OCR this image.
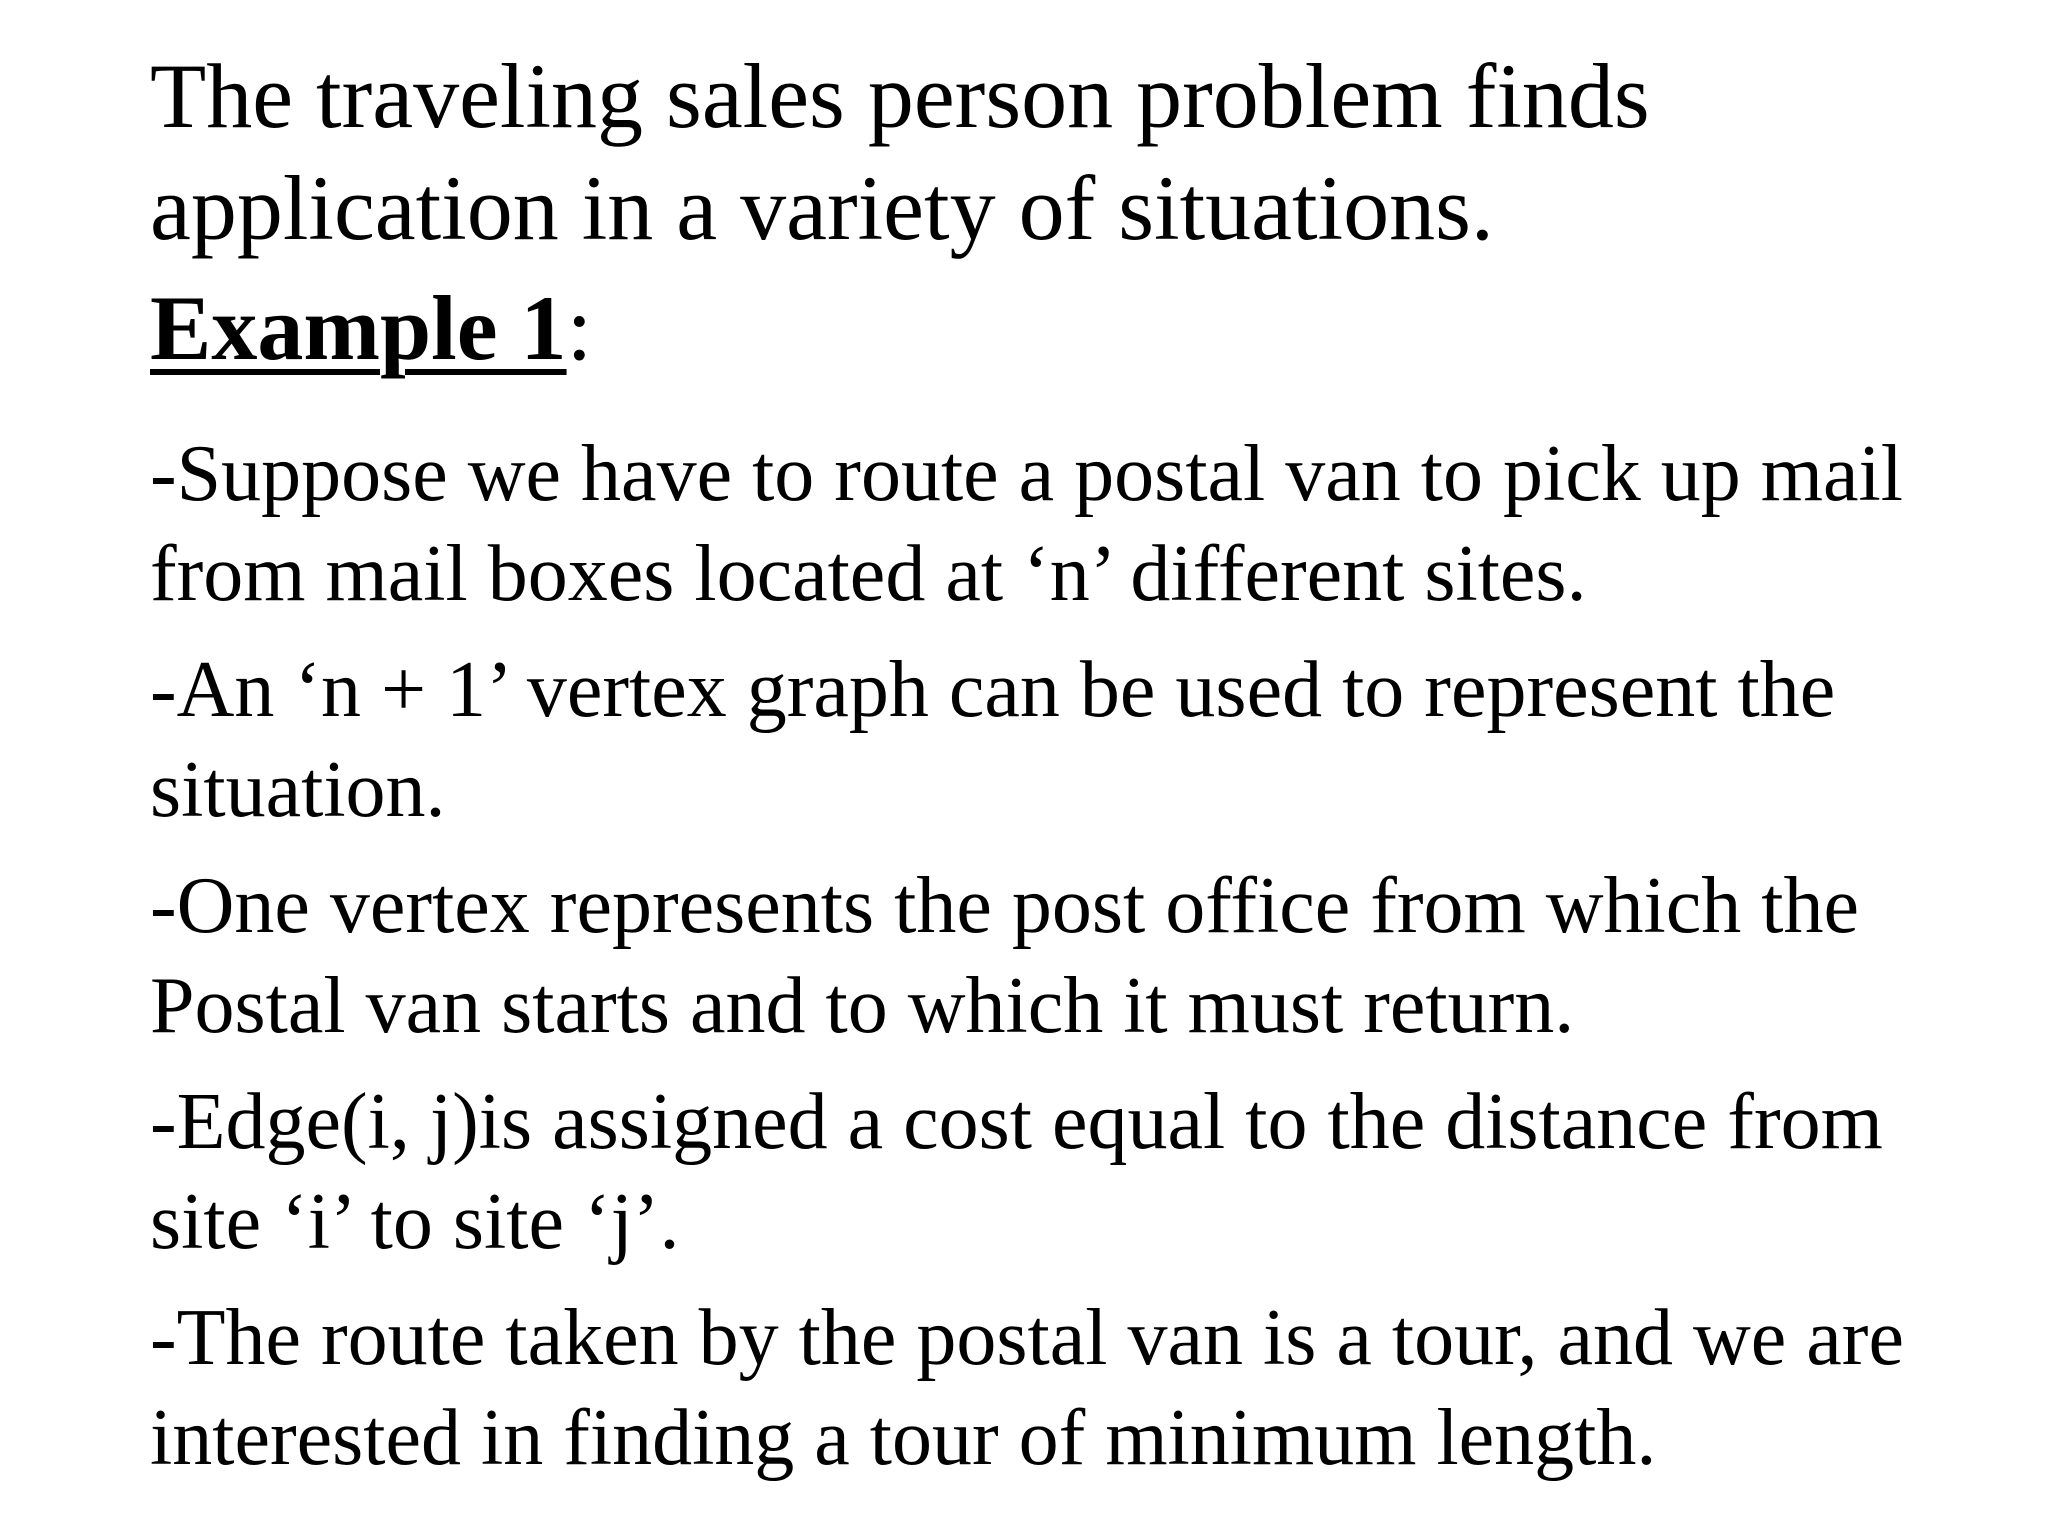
The traveling sales person problem finds
application in a variety of situations.

Example 1:

-Suppose we have to route a postal van to pick up mail
from mail boxes located at ‘n’ different sites.
-An ‘n + 1’ vertex graph can be used to represent the
situation.
-One vertex represents the post office from which the
Postal van starts and to which it must return.
-Edge(i, j)is assigned a cost equal to the distance from
site ‘i’ to site ‘j’.
-The route taken by the postal van is a tour, and we are
interested in finding a tour of minimum length.
